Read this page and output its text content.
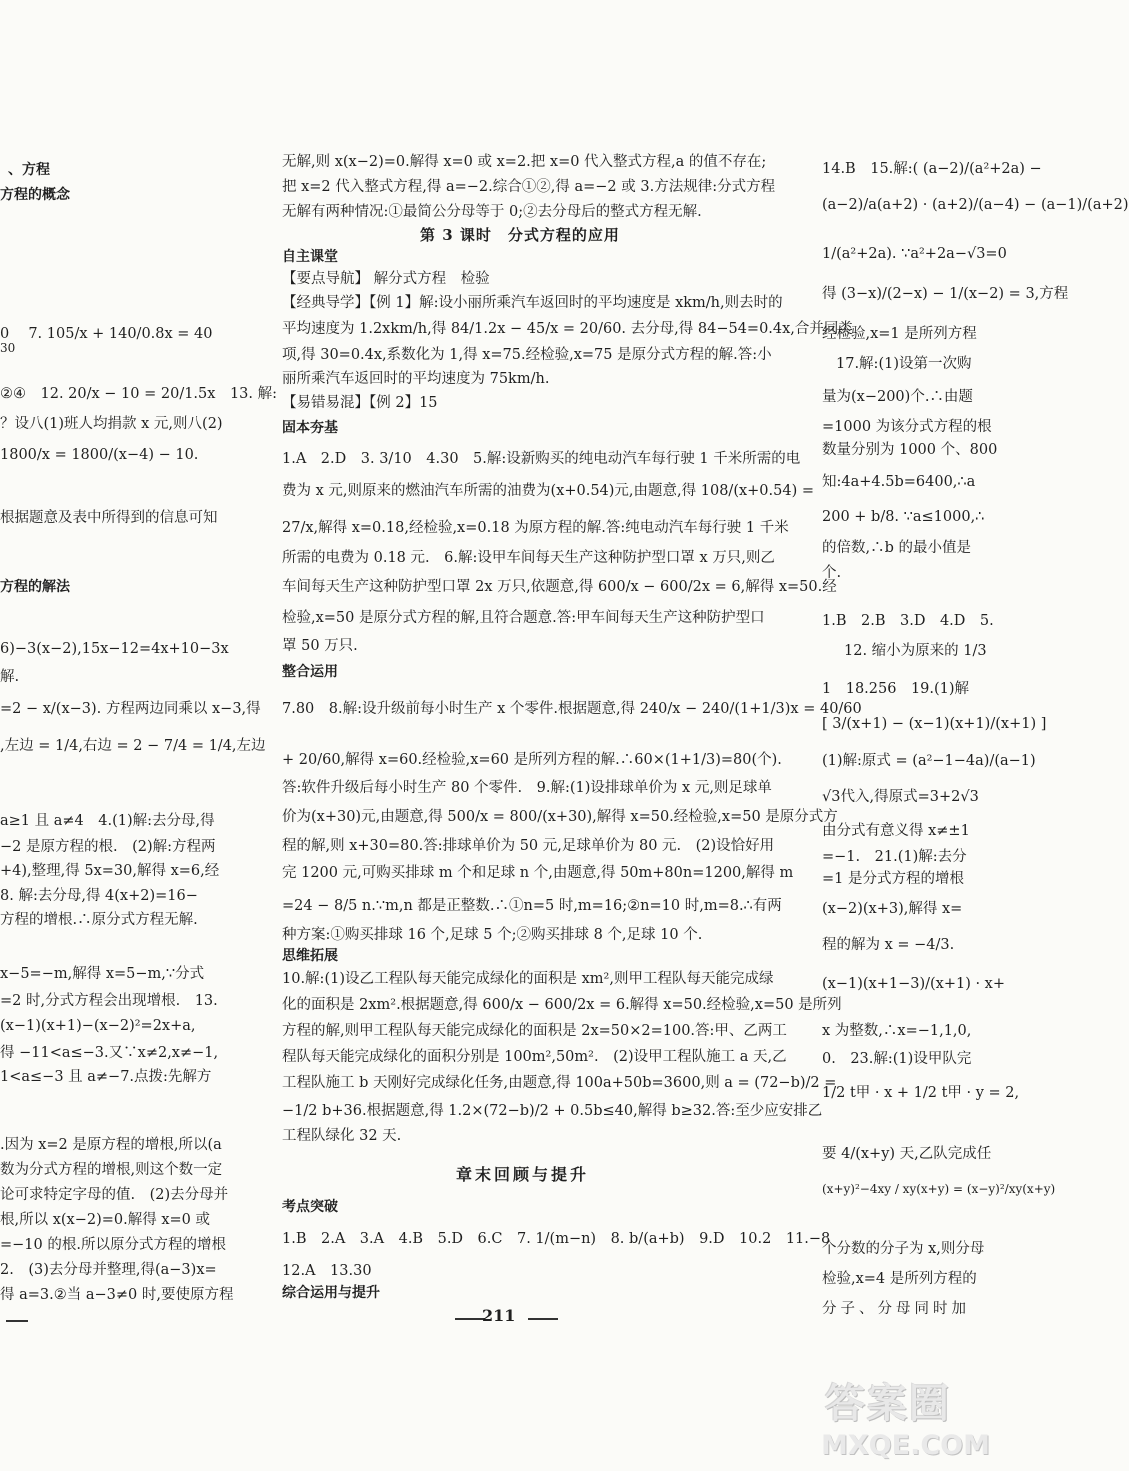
、方程
方程的概念
0　 7. 105/x + 140/0.8x = 40
30
②④　12. 20/x − 10 = 20/1.5x　13. 解:
？设八(1)班人均捐款 x 元,则八(2)
1800/x = 1800/(x−4) − 10.
根据题意及表中所得到的信息可知
方程的解法
6)−3(x−2),15x−12=4x+10−3x
解.
=2 − x/(x−3). 方程两边同乘以 x−3,得
,左边 = 1/4,右边 = 2 − 7/4 = 1/4,左边
a≥1 且 a≠4　4.(1)解:去分母,得
−2 是原方程的根.　(2)解:方程两
+4),整理,得 5x=30,解得 x=6,经
8. 解:去分母,得 4(x+2)=16−
方程的增根.∴原分式方程无解.
x−5=−m,解得 x=5−m,∵分式
=2 时,分式方程会出现增根.　13.
(x−1)(x+1)−(x−2)²=2x+a,
得 −11<a≤−3.又∵x≠2,x≠−1,
1<a≤−3 且 a≠−7.点拨:先解方
.因为 x=2 是原方程的增根,所以(a
数为分式方程的增根,则这个数一定
论可求特定字母的值.　(2)去分母并
根,所以 x(x−2)=0.解得 x=0 或
=−10 的根.所以原分式方程的增根
2.　(3)去分母并整理,得(a−3)x=
得 a=3.②当 a−3≠0 时,要使原方程
无解,则 x(x−2)=0.解得 x=0 或 x=2.把 x=0 代入整式方程,a 的值不存在;
把 x=2 代入整式方程,得 a=−2.综合①②,得 a=−2 或 3.方法规律:分式方程
无解有两种情况:①最简公分母等于 0;②去分母后的整式方程无解.
第 3 课时　分式方程的应用
自主课堂
【要点导航】 解分式方程　检验
【经典导学】【例 1】解:设小丽所乘汽车返回时的平均速度是 xkm/h,则去时的
平均速度为 1.2xkm/h,得 84/1.2x − 45/x = 20/60. 去分母,得 84−54=0.4x,合并同类
项,得 30=0.4x,系数化为 1,得 x=75.经检验,x=75 是原分式方程的解.答:小
丽所乘汽车返回时的平均速度为 75km/h.
【易错易混】【例 2】15
固本夯基
1.A　2.D　3. 3/10　4.30　5.解:设新购买的纯电动汽车每行驶 1 千米所需的电
费为 x 元,则原来的燃油汽车所需的油费为(x+0.54)元,由题意,得 108/(x+0.54) =
27/x,解得 x=0.18,经检验,x=0.18 为原方程的解.答:纯电动汽车每行驶 1 千米
所需的电费为 0.18 元.　6.解:设甲车间每天生产这种防护型口罩 x 万只,则乙
车间每天生产这种防护型口罩 2x 万只,依题意,得 600/x − 600/2x = 6,解得 x=50.经
检验,x=50 是原分式方程的解,且符合题意.答:甲车间每天生产这种防护型口
罩 50 万只.
整合运用
7.80　8.解:设升级前每小时生产 x 个零件.根据题意,得 240/x − 240/(1+1/3)x = 40/60
+ 20/60,解得 x=60.经检验,x=60 是所列方程的解.∴60×(1+1/3)=80(个).
答:软件升级后每小时生产 80 个零件.　9.解:(1)设排球单价为 x 元,则足球单
价为(x+30)元,由题意,得 500/x = 800/(x+30),解得 x=50.经检验,x=50 是原分式方
程的解,则 x+30=80.答:排球单价为 50 元,足球单价为 80 元.　(2)设恰好用
完 1200 元,可购买排球 m 个和足球 n 个,由题意,得 50m+80n=1200,解得 m
=24 − 8/5 n.∵m,n 都是正整数.∴①n=5 时,m=16;②n=10 时,m=8.∴有两
种方案:①购买排球 16 个,足球 5 个;②购买排球 8 个,足球 10 个.
思维拓展
10.解:(1)设乙工程队每天能完成绿化的面积是 xm²,则甲工程队每天能完成绿
化的面积是 2xm².根据题意,得 600/x − 600/2x = 6.解得 x=50.经检验,x=50 是所列
方程的解,则甲工程队每天能完成绿化的面积是 2x=50×2=100.答:甲、乙两工
程队每天能完成绿化的面积分别是 100m²,50m².　(2)设甲工程队施工 a 天,乙
工程队施工 b 天刚好完成绿化任务,由题意,得 100a+50b=3600,则 a = (72−b)/2 =
−1/2 b+36.根据题意,得 1.2×(72−b)/2 + 0.5b≤40,解得 b≥32.答:至少应安排乙
工程队绿化 32 天.
章末回顾与提升
考点突破
1.B　2.A　3.A　4.B　5.D　6.C　7. 1/(m−n)　8. b/(a+b)　9.D　10.2　11.−8
12.A　13.30
综合运用与提升
211
14.B　15.解:( (a−2)/(a²+2a) −
(a−2)/a(a+2) · (a+2)/(a−4) − (a−1)/(a+2)
1/(a²+2a). ∵a²+2a−√3=0
得 (3−x)/(2−x) − 1/(x−2) = 3,方程
经检验,x=1 是所列方程
17.解:(1)设第一次购
量为(x−200)个.∴由题
=1000 为该分式方程的根
数量分别为 1000 个、800
知:4a+4.5b=6400,∴a
200 + b/8. ∵a≤1000,∴
的倍数,∴b 的最小值是
个.
1.B　2.B　3.D　4.D　5.
12. 缩小为原来的 1/3
1　18.256　19.(1)解
[ 3/(x+1) − (x−1)(x+1)/(x+1) ]
(1)解:原式 = (a²−1−4a)/(a−1)
√3代入,得原式=3+2√3
由分式有意义得 x≠±1
=−1.　21.(1)解:去分
=1 是分式方程的增根
(x−2)(x+3),解得 x=
程的解为 x = −4/3.
(x−1)(x+1−3)/(x+1) · x+
x 为整数,∴x=−1,1,0,
0.　23.解:(1)设甲队完
1/2 t甲 · x + 1/2 t甲 · y = 2,
要 4/(x+y) 天,乙队完成任
(x+y)²−4xy / xy(x+y) = (x−y)²/xy(x+y)
个分数的分子为 x,则分母
检验,x=4 是所列方程的
分子、分母同时加
答案圈
MXQE.COM
